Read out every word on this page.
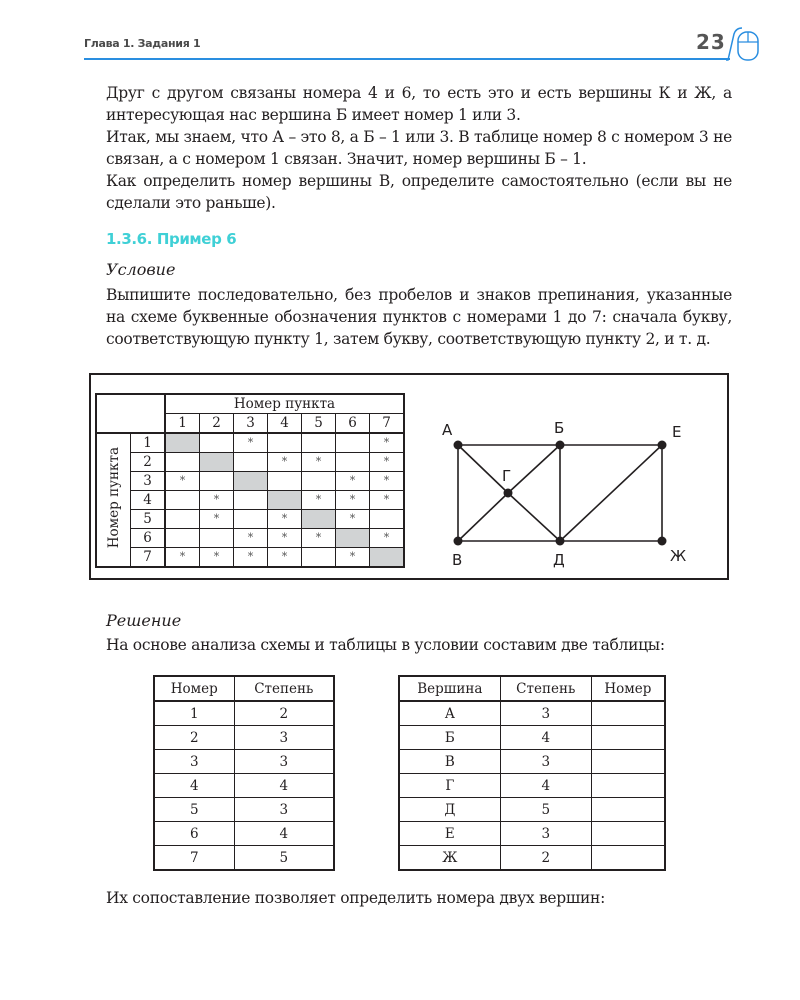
Глава 1. Задания 1	23
Друг с другом связаны номера 4 и 6, то есть это и есть вершины К и Ж, а интересующая нас вершина Б имеет номер 1 или 3.
Итак, мы знаем, что А – это 8, а Б – 1 или 3. В таблице номер 8 с номером 3 не связан, а с номером 1 связан. Значит, номер вершины Б – 1.
Как определить номер вершины В, определите самостоятельно (если вы не сделали это раньше).
1.3.6. Пример 6
Условие
Выпишите последовательно, без пробелов и знаков препинания, указанные на схеме буквенные обозначения пунктов с номерами 1 до 7: сначала букву, соответствующую пункту 1, затем букву, соответствующую пункту 2, и т. д.
		Номер пункта						
		1	2	3	4	5	6	7
Номер пункта	1			*				*
	2				*	*		*
	3	*					*	*
	4		*			*	*	*
	5		*		*		*	
	6			*	*	*		*
	7	*	*	*	*		*	
А	Б	Е
Г
В	Д	Ж
Решение
На основе анализа схемы и таблицы в условии составим две таблицы:
Номер	Степень
1	2
2	3
3	3
4	4
5	3
6	4
7	5
Вершина	Степень	Номер
А	3	
Б	4	
В	3	
Г	4	
Д	5	
Е	3	
Ж	2	
Их сопоставление позволяет определить номера двух вершин:
